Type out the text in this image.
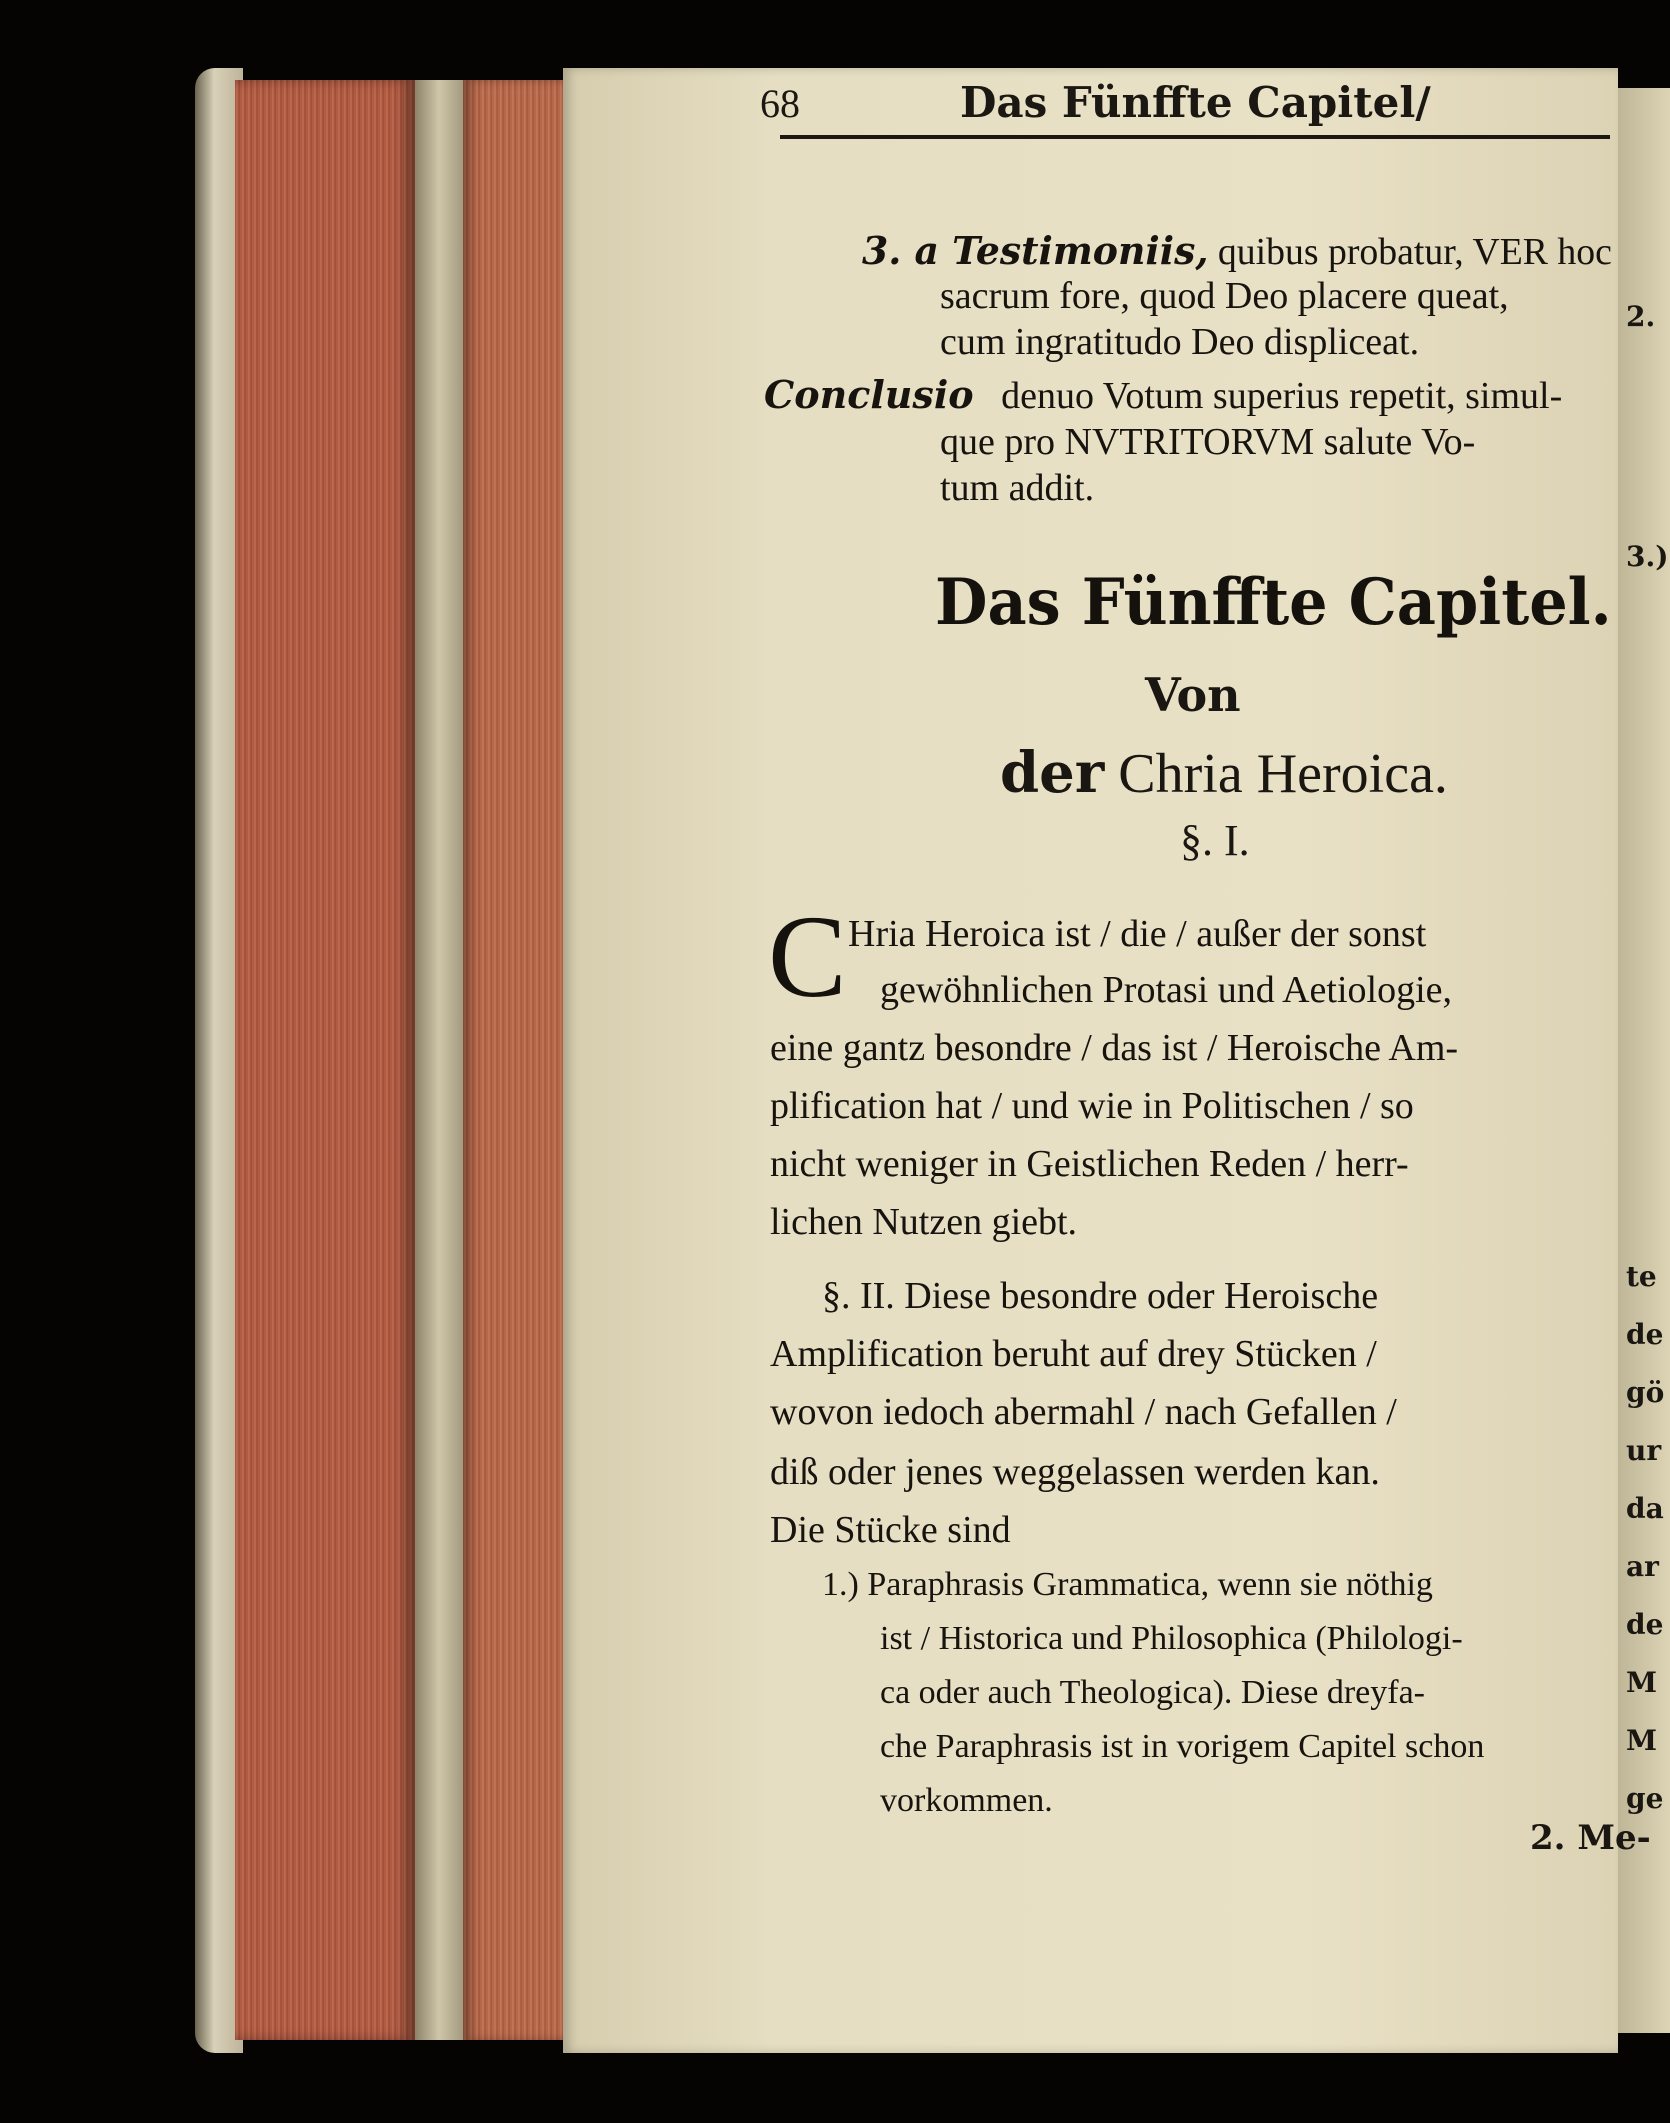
2.
3.)
te
de
gö
ur
da
ar
de
M
M
ge
68	Das Fünffte Capitel/
3. a Testimoniis, quibus probatur, VER hoc
sacrum fore, quod Deo placere queat,
cum ingratitudo Deo displiceat.
Conclusio denuo Votum superius repetit, simul-
que pro NVTRITORVM salute Vo-
tum addit.
Das Fünffte Capitel.
Von
der Chria Heroica.
§. I.
C Hria Heroica ist / die / außer der sonst
gewöhnlichen Protasi und Aetiologie,
eine gantz besondre / das ist / Heroische Am-
plification hat / und wie in Politischen / so
nicht weniger in Geistlichen Reden / herr-
lichen Nutzen giebt.
§. II. Diese besondre oder Heroische
Amplification beruht auf drey Stücken /
wovon iedoch abermahl / nach Gefallen /
diß oder jenes weggelassen werden kan.
Die Stücke sind
1.) Paraphrasis Grammatica, wenn sie nöthig
ist / Historica und Philosophica (Philologi-
ca oder auch Theologica). Diese dreyfa-
che Paraphrasis ist in vorigem Capitel schon
vorkommen.
2. Me-
